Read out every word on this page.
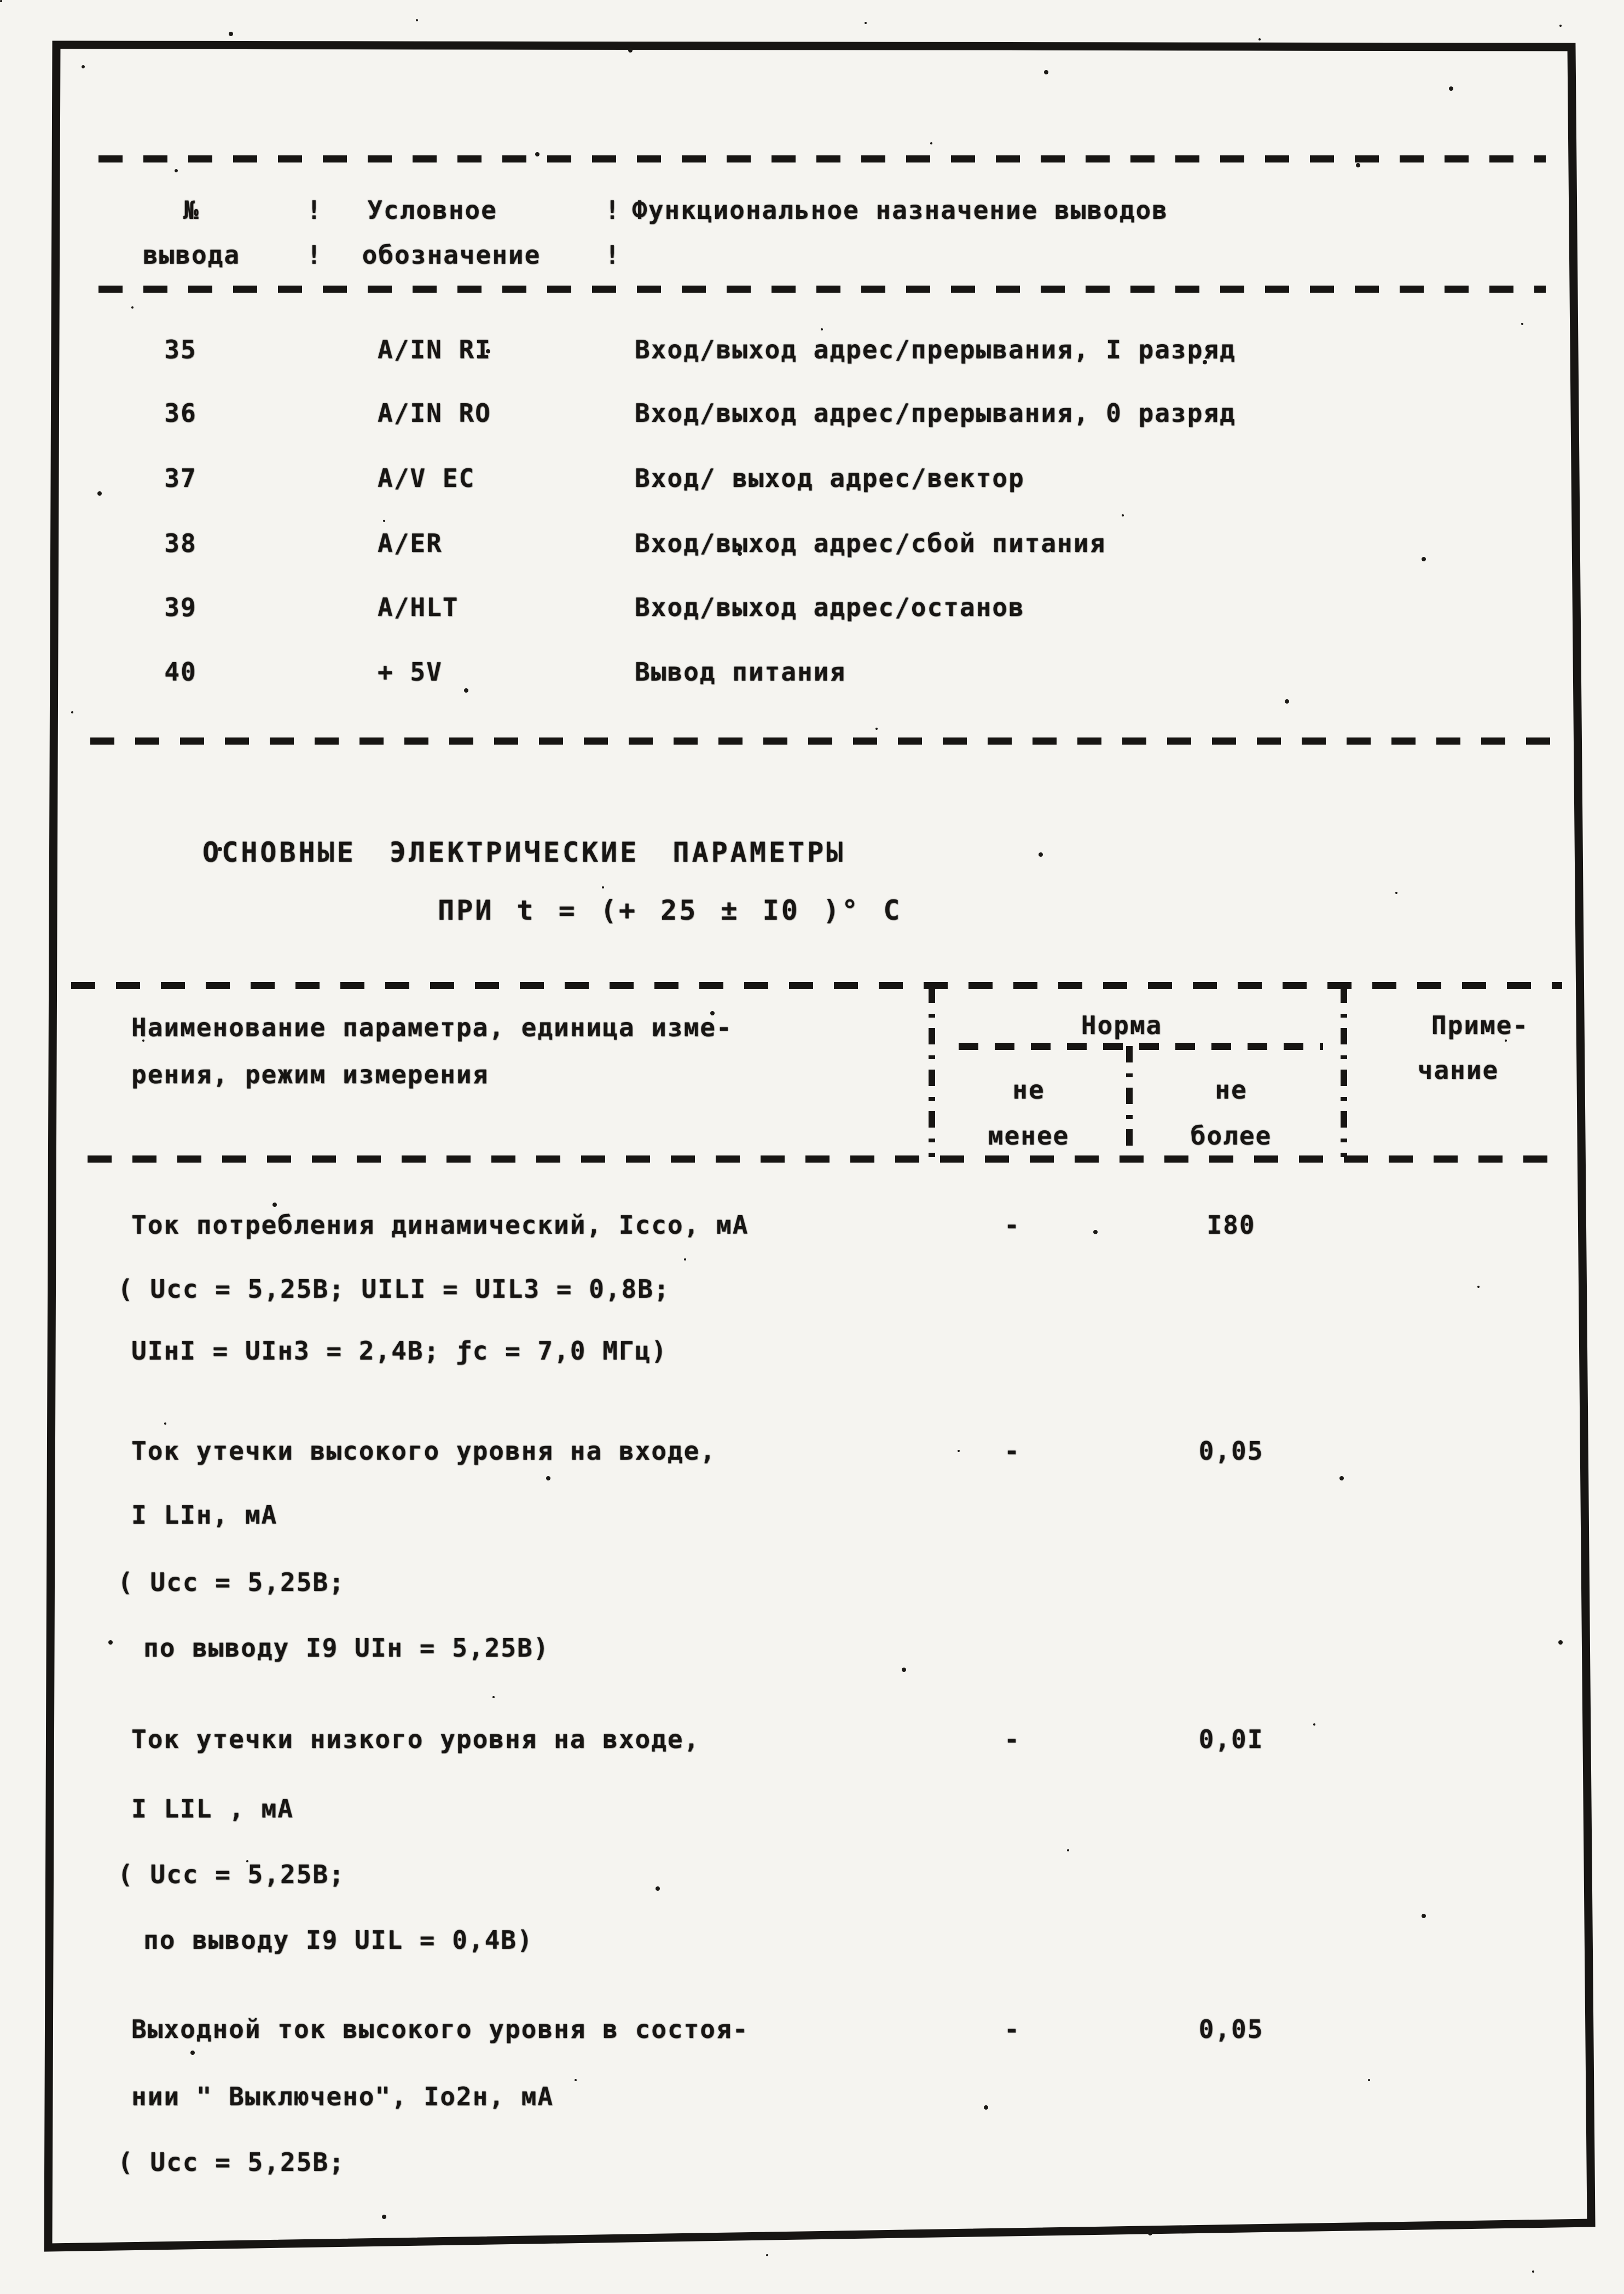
№	!	Условное	! Функциональное назначение выводов
вывода	!	обозначение	!
35	A/IN RI	Вход/выход адрес/прерывания, I разряд
36	A/IN RO	Вход/выход адрес/прерывания, 0 разряд
37	A/V EC	Вход/ выход адрес/вектор
38	A/ER	Вход/выход адрес/сбой питания
39	A/HLT	Вход/выход адрес/останов
40	+ 5V	Вывод питания
ОСНОВНЫЕ ЭЛЕКТРИЧЕСКИЕ ПАРАМЕТРЫ
ПРИ t = (+ 25 ± I0 )° С
Наименование параметра, единица изме-	Норма	Приме-
рения, режим измерения	чание
не	не
менее	более
Ток потребления динамический, Iссо, мА	-	I80
( Uсс = 5,25В; UILI = UIL3 = 0,8В;
UIнI = UIн3 = 2,4В; ƒс = 7,0 МГц)
Ток утечки высокого уровня на входе,	-	0,05
I LIн, мА
( Uсс = 5,25В;
по выводу I9 UIн = 5,25В)
Ток утечки низкого уровня на входе,	-	0,0I
I LIL , мА
( Uсс = 5,25В;
по выводу I9 UIL = 0,4В)
Выходной ток высокого уровня в состоя-	-	0,05
нии " Выключено", Iо2н, мА
( Uсс = 5,25В;
